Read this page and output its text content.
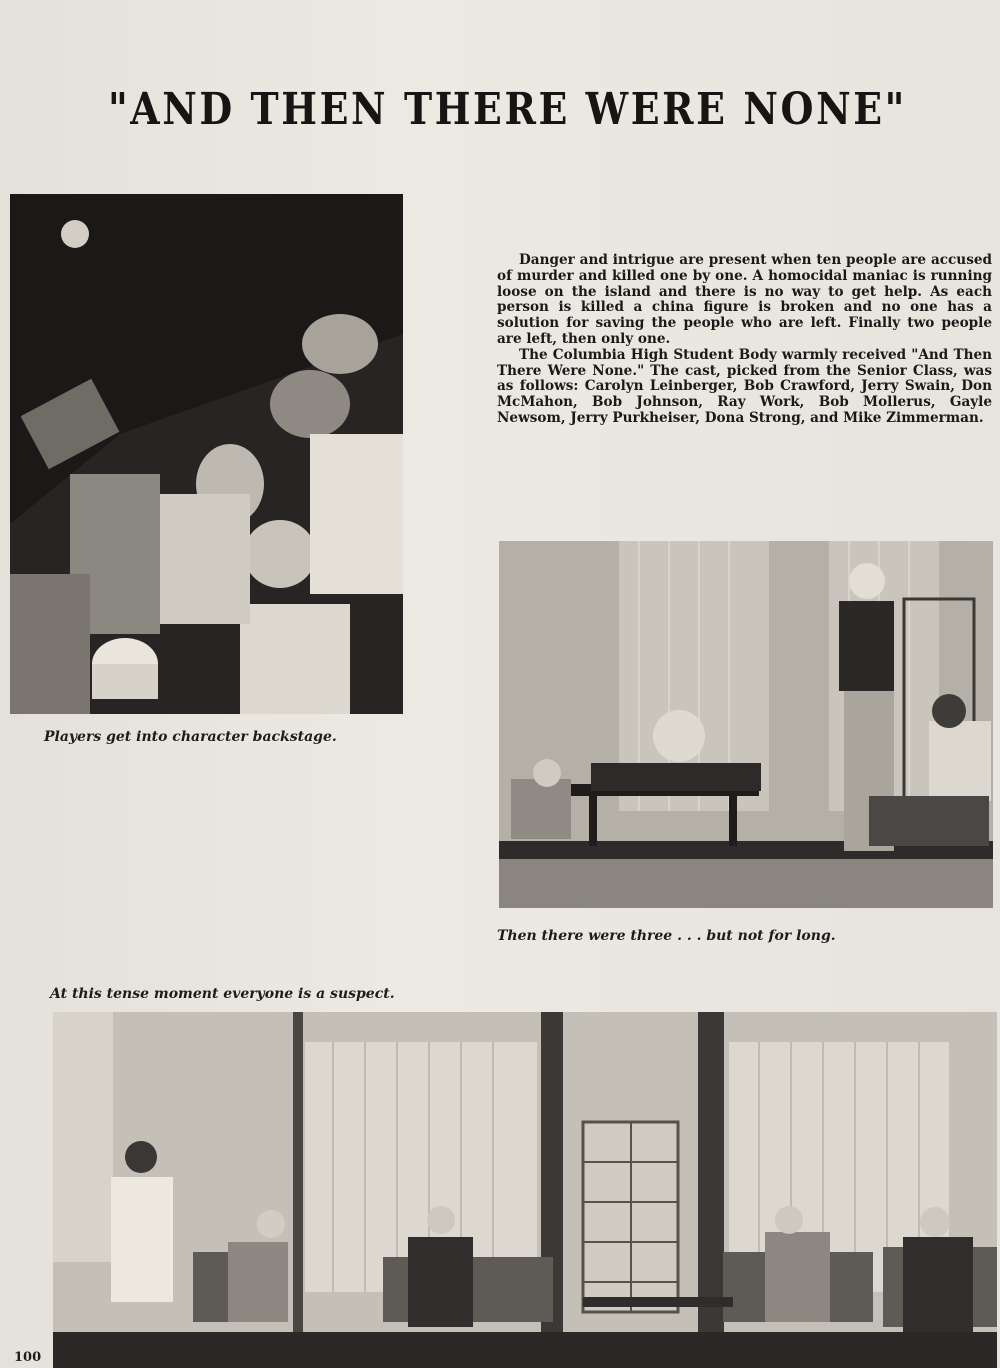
"AND THEN THERE WERE NONE"
Players get into character backstage.

Danger and intrigue are present when ten people are accused of murder and killed one by one. A homocidal maniac is running loose on the island and there is no way to get help. As each person is killed a china figure is broken and no one has a solution for saving the people who are left. Finally two people are left, then only one.

The Columbia High Student Body warmly received "And Then There Were None." The cast, picked from the Senior Class, was as follows: Carolyn Leinberger, Bob Crawford, Jerry Swain, Don McMahon, Bob Johnson, Ray Work, Bob Mollerus, Gayle Newsom, Jerry Purkheiser, Dona Strong, and Mike Zimmerman.

Then there were three . . . but not for long.
At this tense moment everyone is a suspect.
100
